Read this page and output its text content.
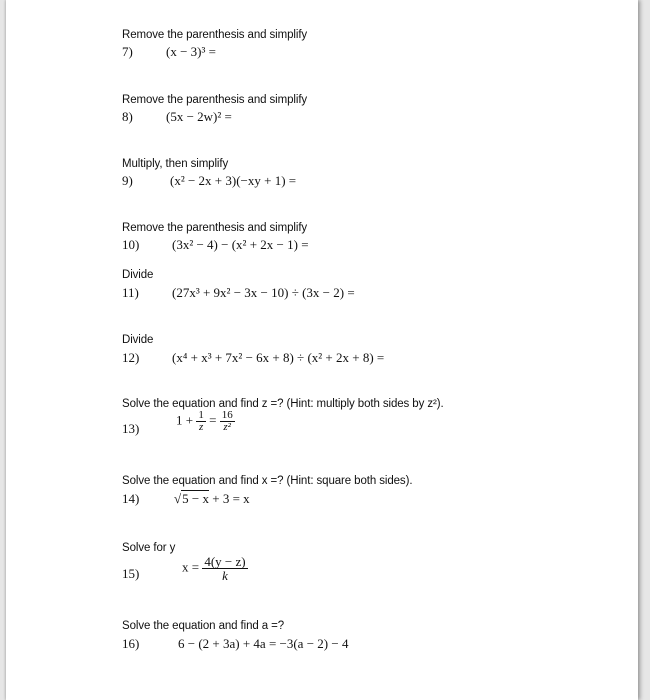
Remove the parenthesis and simplify
7)	(x − 3)³ =
Remove the parenthesis and simplify
8)	(5x − 2w)² =
Multiply, then simplify
9)	(x² − 2x + 3)(−xy + 1) =
Remove the parenthesis and simplify
10)	(3x² − 4) − (x² + 2x − 1) =
Divide
11)	(27x³ + 9x² − 3x − 10) ÷ (3x − 2) =
Divide
12)	(x⁴ + x³ + 7x² − 6x + 8) ÷ (x² + 2x + 8) =
Solve the equation and find z =? (Hint: multiply both sides by z²).
13)
$1 + \frac{1}{z} = \frac{16}{\text{z²}}$
Solve the equation and find x =? (Hint: square both sides).
14)	√5 − x + 3 = x
Solve for y
15)	$x = \frac{4(y - z)}{k}$
Solve the equation and find a =?
16)	6 − (2 + 3a) + 4a = −3(a − 2) − 4
